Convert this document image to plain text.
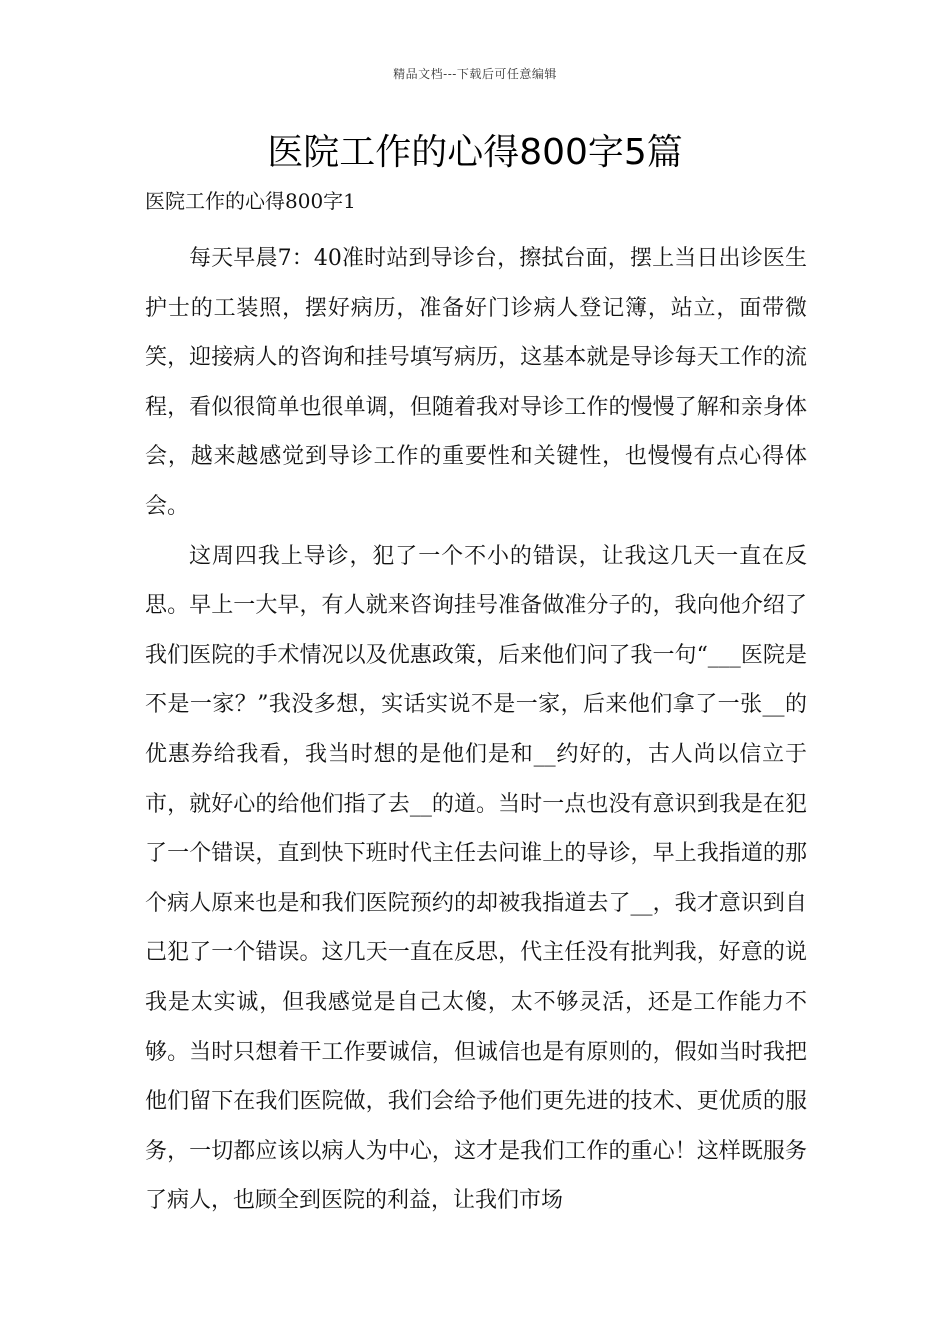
精品文档---下载后可任意编辑
医院工作的心得800字5篇
医院工作的心得800字1

每天早晨7：40准时站到导诊台，擦拭台面，摆上当日出诊医生护士的工装照，摆好病历，准备好门诊病人登记簿，站立，面带微笑，迎接病人的咨询和挂号填写病历，这基本就是导诊每天工作的流程，看似很简单也很单调，但随着我对导诊工作的慢慢了解和亲身体会，越来越感觉到导诊工作的重要性和关键性，也慢慢有点心得体会。

这周四我上导诊，犯了一个不小的错误，让我这几天一直在反思。早上一大早，有人就来咨询挂号准备做准分子的，我向他介绍了我们医院的手术情况以及优惠政策，后来他们问了我一句“___医院是不是一家？”我没多想，实话实说不是一家，后来他们拿了一张__的优惠券给我看，我当时想的是他们是和__约好的，古人尚以信立于市，就好心的给他们指了去__的道。当时一点也没有意识到我是在犯了一个错误，直到快下班时代主任去问谁上的导诊，早上我指道的那个病人原来也是和我们医院预约的却被我指道去了__，我才意识到自己犯了一个错误。这几天一直在反思，代主任没有批判我，好意的说我是太实诚，但我感觉是自己太傻，太不够灵活，还是工作能力不够。当时只想着干工作要诚信，但诚信也是有原则的，假如当时我把他们留下在我们医院做，我们会给予他们更先进的技术、更优质的服务，一切都应该以病人为中心，这才是我们工作的重心！这样既服务了病人，也顾全到医院的利益，让我们市场
